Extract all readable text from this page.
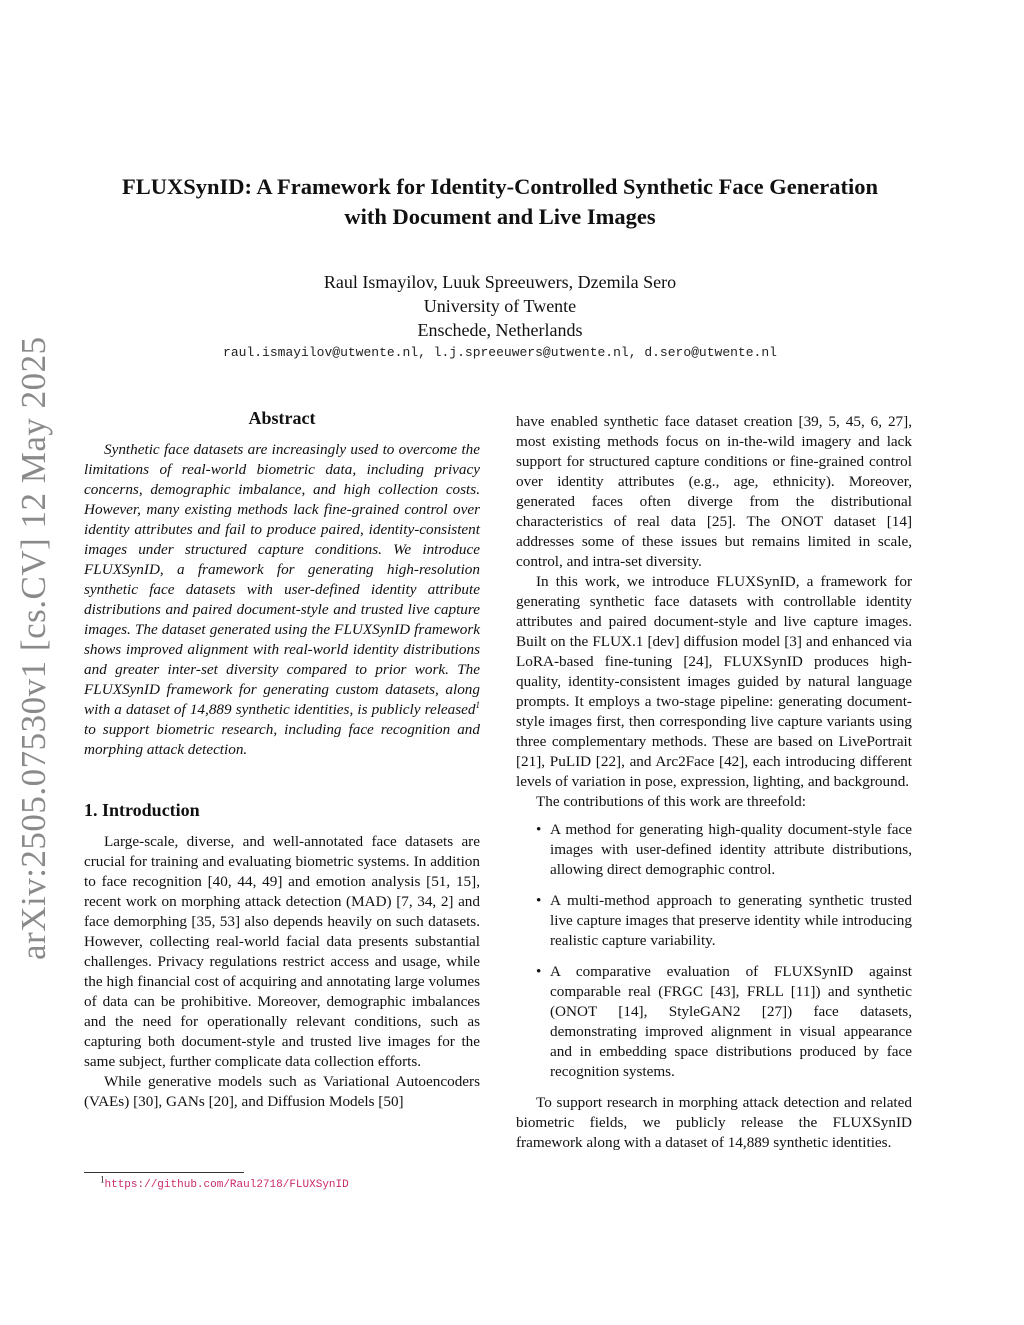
arXiv:2505.07530v1 [cs.CV] 12 May 2025
FLUXSynID: A Framework for Identity-Controlled Synthetic Face Generation
with Document and Live Images
Raul Ismayilov, Luuk Spreeuwers, Dzemila Sero
University of Twente
Enschede, Netherlands
raul.ismayilov@utwente.nl, l.j.spreeuwers@utwente.nl, d.sero@utwente.nl
Abstract

Synthetic face datasets are increasingly used to overcome the limitations of real-world biometric data, including privacy concerns, demographic imbalance, and high collection costs. However, many existing methods lack fine-grained control over identity attributes and fail to produce paired, identity-consistent images under structured capture conditions. We introduce FLUXSynID, a framework for generating high-resolution synthetic face datasets with user-defined identity attribute distributions and paired document-style and trusted live capture images. The dataset generated using the FLUXSynID framework shows improved alignment with real-world identity distributions and greater inter-set diversity compared to prior work. The FLUXSynID framework for generating custom datasets, along with a dataset of 14,889 synthetic identities, is publicly released$^1$ to support biometric research, including face recognition and morphing attack detection.

1. Introduction

Large-scale, diverse, and well-annotated face datasets are crucial for training and evaluating biometric systems. In addition to face recognition [40, 44, 49] and emotion analysis [51, 15], recent work on morphing attack detection (MAD) [7, 34, 2] and face demorphing [35, 53] also depends heavily on such datasets. However, collecting real-world facial data presents substantial challenges. Privacy regulations restrict access and usage, while the high financial cost of acquiring and annotating large volumes of data can be prohibitive. Moreover, demographic imbalances and the need for operationally relevant conditions, such as capturing both document-style and trusted live images for the same subject, further complicate data collection efforts.

While generative models such as Variational Autoencoders (VAEs) [30], GANs [20], and Diffusion Models [50]

have enabled synthetic face dataset creation [39, 5, 45, 6, 27], most existing methods focus on in-the-wild imagery and lack support for structured capture conditions or fine-grained control over identity attributes (e.g., age, ethnicity). Moreover, generated faces often diverge from the distributional characteristics of real data [25]. The ONOT dataset [14] addresses some of these issues but remains limited in scale, control, and intra-set diversity.

In this work, we introduce FLUXSynID, a framework for generating synthetic face datasets with controllable identity attributes and paired document-style and live capture images. Built on the FLUX.1 [dev] diffusion model [3] and enhanced via LoRA-based fine-tuning [24], FLUXSynID produces high-quality, identity-consistent images guided by natural language prompts. It employs a two-stage pipeline: generating document-style images first, then corresponding live capture variants using three complementary methods. These are based on LivePortrait [21], PuLID [22], and Arc2Face [42], each introducing different levels of variation in pose, expression, lighting, and background.

The contributions of this work are threefold:

• A method for generating high-quality document-style face images with user-defined identity attribute distributions, allowing direct demographic control.
• A multi-method approach to generating synthetic trusted live capture images that preserve identity while introducing realistic capture variability.
• A comparative evaluation of FLUXSynID against comparable real (FRGC [43], FRLL [11]) and synthetic (ONOT [14], StyleGAN2 [27]) face datasets, demonstrating improved alignment in visual appearance and in embedding space distributions produced by face recognition systems.

To support research in morphing attack detection and related biometric fields, we publicly release the FLUXSynID framework along with a dataset of 14,889 synthetic identities.

$^1$https://github.com/Raul2718/FLUXSynID
